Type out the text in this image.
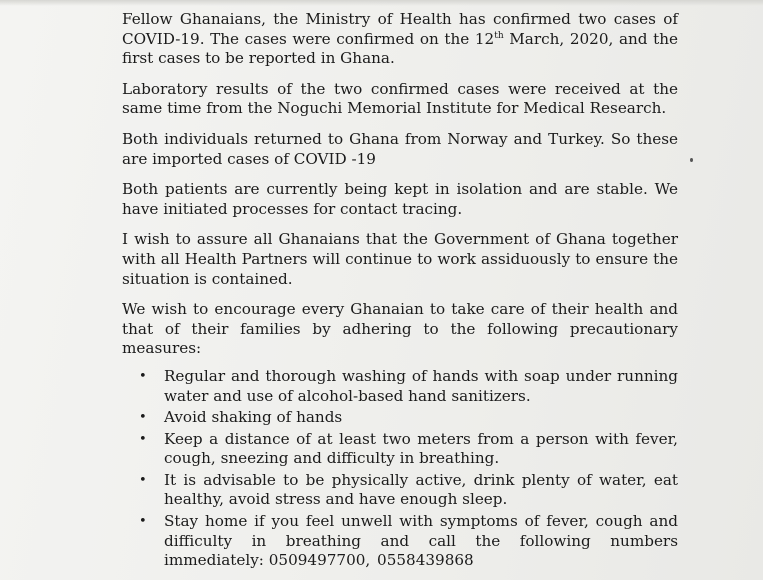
Fellow Ghanaians, the Ministry of Health has confirmed two cases of COVID-19. The cases were confirmed on the 12th March, 2020, and the first cases to be reported in Ghana.

Laboratory results of the two confirmed cases were received at the same time from the Noguchi Memorial Institute for Medical Research.

Both individuals returned to Ghana from Norway and Turkey. So these are imported cases of COVID -19

Both patients are currently being kept in isolation and are stable. We have initiated processes for contact tracing.

I wish to assure all Ghanaians that the Government of Ghana together with all Health Partners will continue to work assiduously to ensure the situation is contained.

We wish to encourage every Ghanaian to take care of their health and that of their families by adhering to the following precautionary measures:

• Regular and thorough washing of hands with soap under running water and use of alcohol-based hand sanitizers.
• Avoid shaking of hands
• Keep a distance of at least two meters from a person with fever, cough, sneezing and difficulty in breathing.
• It is advisable to be physically active, drink plenty of water, eat healthy, avoid stress and have enough sleep.
• Stay home if you feel unwell with symptoms of fever, cough and difficulty in breathing and call the following numbers immediately: 0509497700, 0558439868
